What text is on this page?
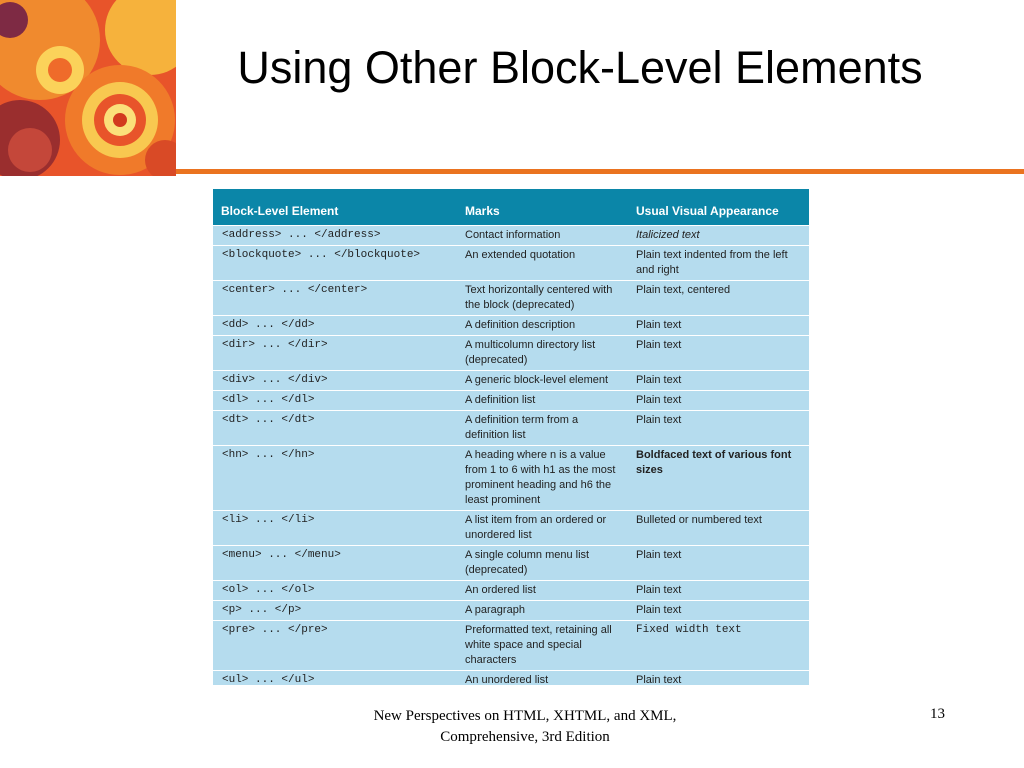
Using Other Block-Level Elements
Block-Level Element	Marks	Usual Visual Appearance
<address> ... </address>	Contact information	Italicized text
<blockquote> ... </blockquote>	An extended quotation	Plain text indented from the left and right
<center> ... </center>	Text horizontally centered with the block (deprecated)	Plain text, centered
<dd> ... </dd>	A definition description	Plain text
<dir> ... </dir>	A multicolumn directory list (deprecated)	Plain text
<div> ... </div>	A generic block-level element	Plain text
<dl> ... </dl>	A definition list	Plain text
<dt> ... </dt>	A definition term from a definition list	Plain text
<hn> ... </hn>	A heading where n is a value from 1 to 6 with h1 as the most prominent heading and h6 the least prominent	Boldfaced text of various font sizes
<li> ... </li>	A list item from an ordered or unordered list	Bulleted or numbered text
<menu> ... </menu>	A single column menu list (deprecated)	Plain text
<ol> ... </ol>	An ordered list	Plain text
<p> ... </p>	A paragraph	Plain text
<pre> ... </pre>	Preformatted text, retaining all white space and special characters	Fixed width text
<ul> ... </ul>	An unordered list	Plain text
New Perspectives on HTML, XHTML, and XML, Comprehensive, 3rd Edition
13
